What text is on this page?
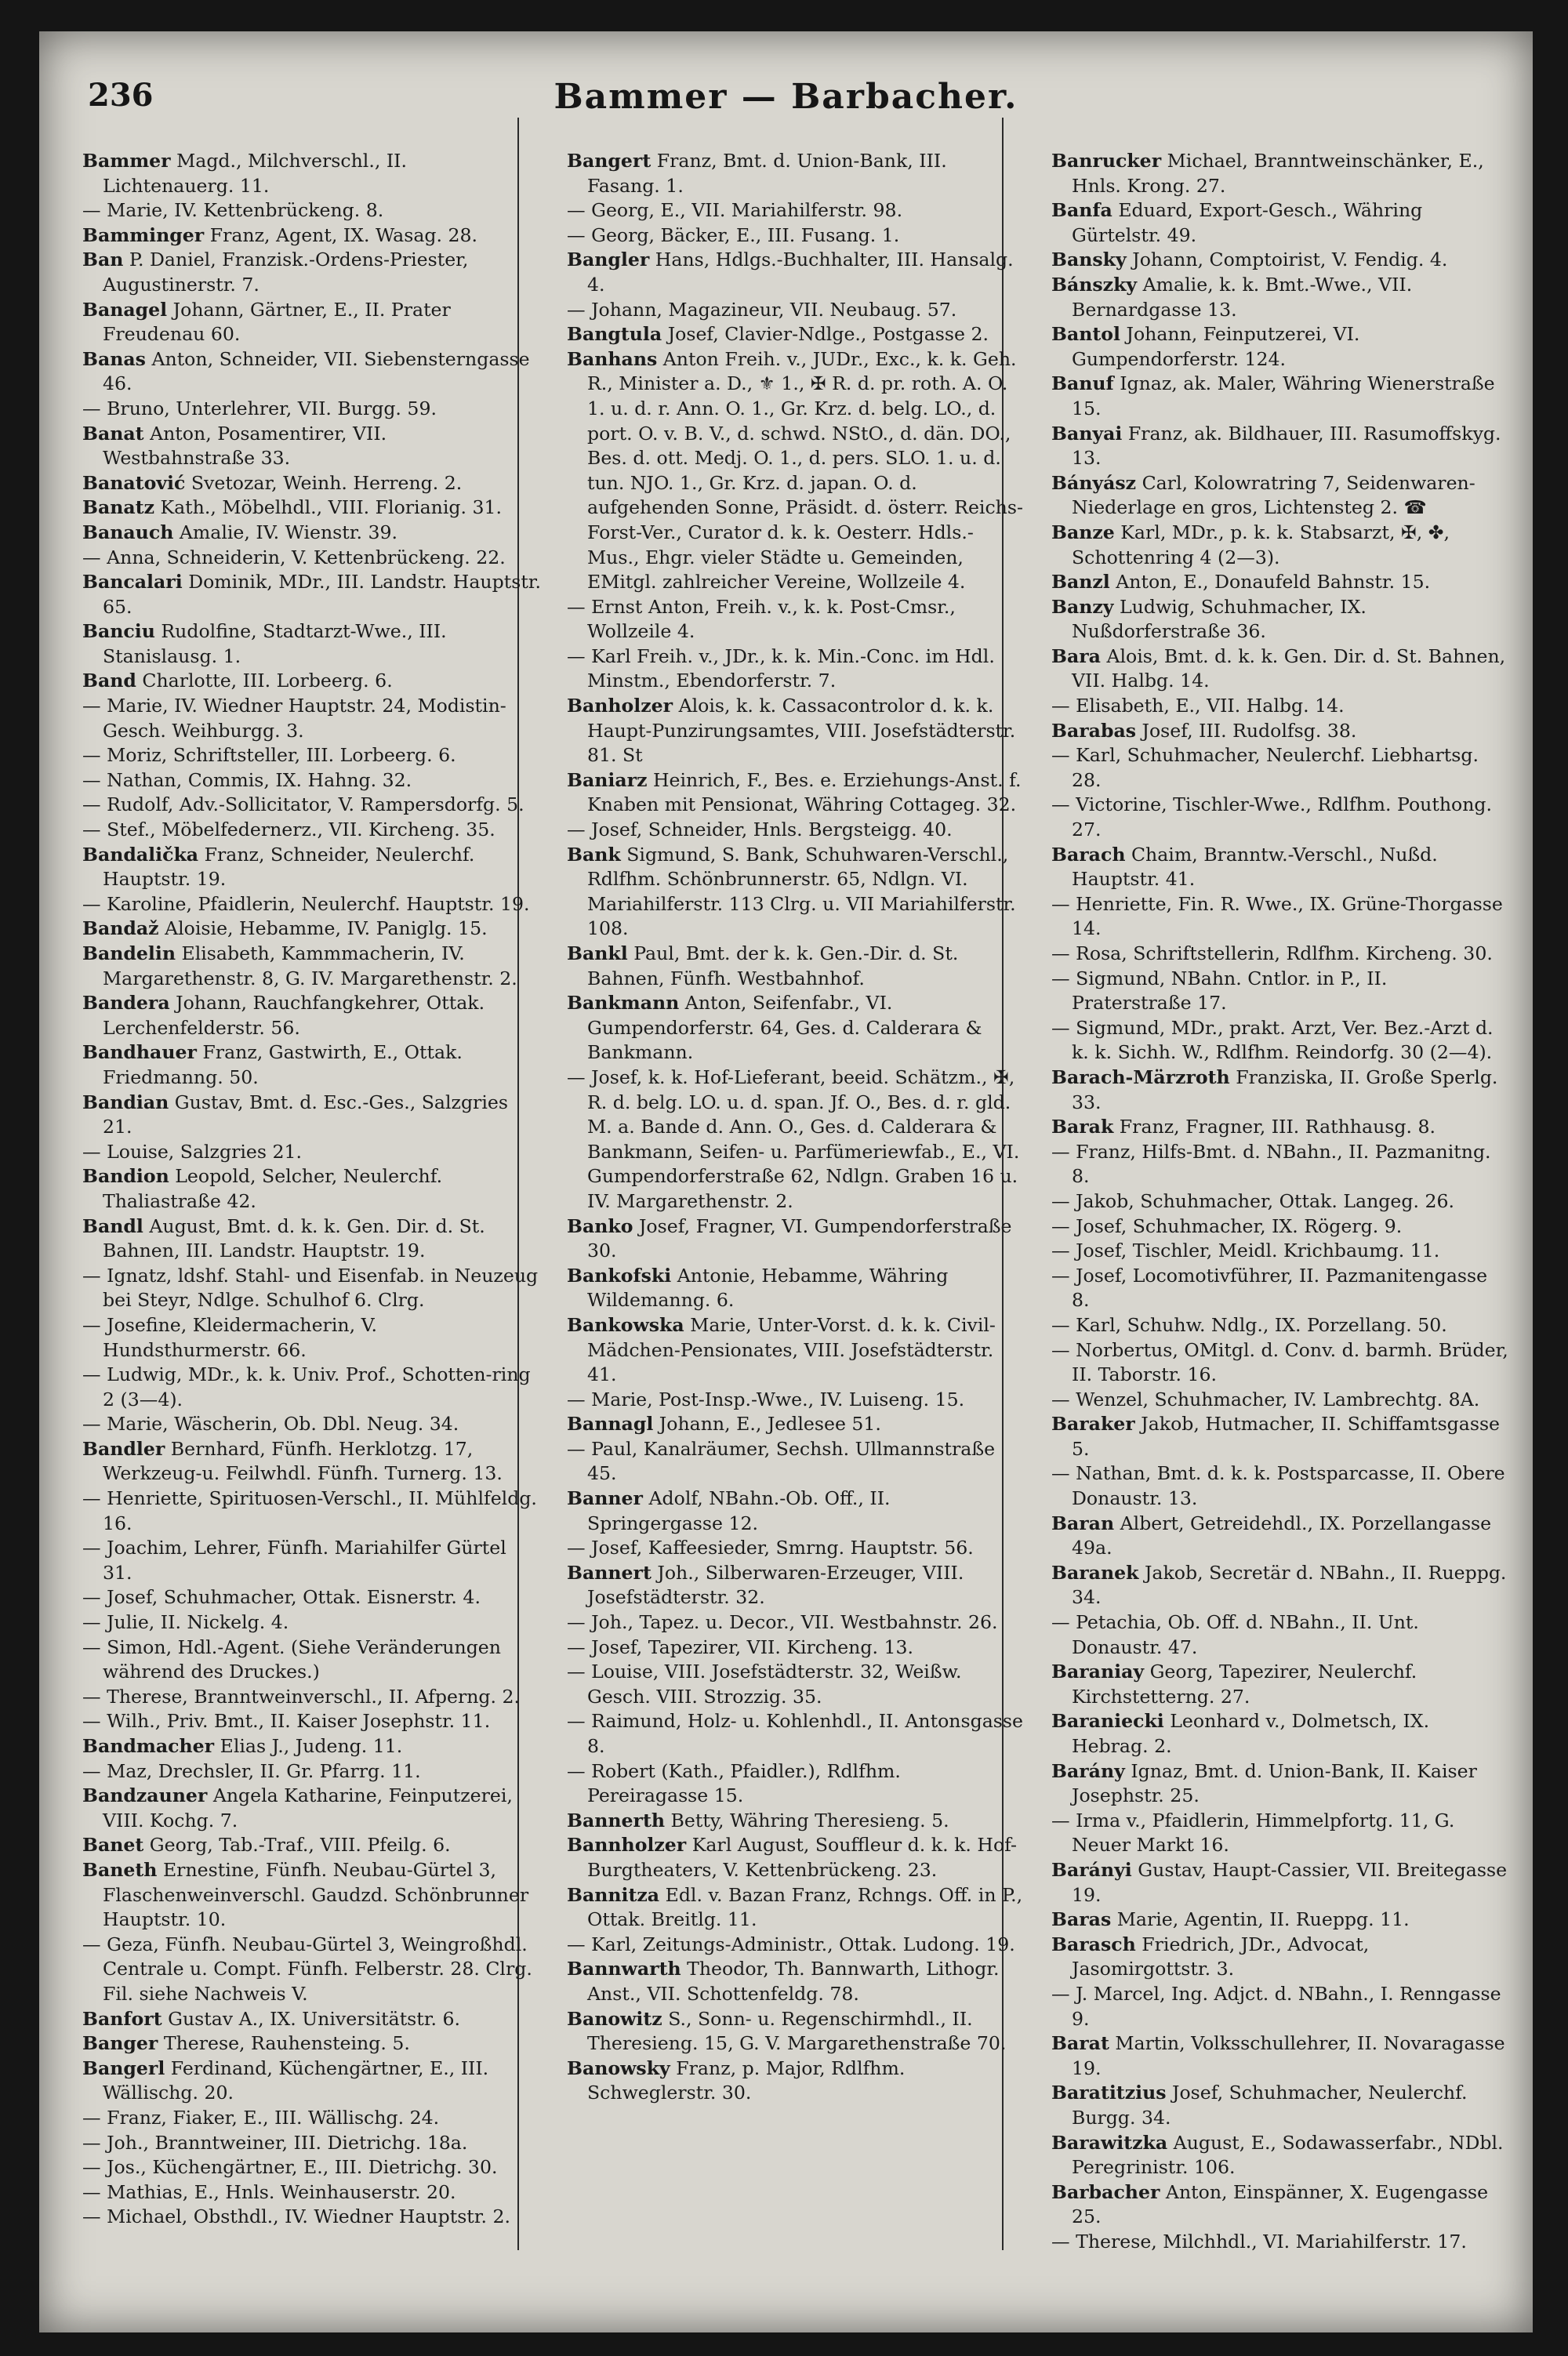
236	Bammer — Barbacher.

Bammer Magd., Milchverschl., II. Lichtenauerg. 11.

— Marie, IV. Kettenbrückeng. 8.

Bamminger Franz, Agent, IX. Wasag. 28.

Ban P. Daniel, Franzisk.-Ordens-Priester, Augustinerstr. 7.

Banagel Johann, Gärtner, E., II. Prater Freudenau 60.

Banas Anton, Schneider, VII. Siebensterngasse 46.

— Bruno, Unterlehrer, VII. Burgg. 59.

Banat Anton, Posamentirer, VII. Westbahnstraße 33.

Banatović Svetozar, Weinh. Herreng. 2.

Banatz Kath., Möbelhdl., VIII. Florianig. 31.

Banauch Amalie, IV. Wienstr. 39.

— Anna, Schneiderin, V. Kettenbrückeng. 22.

Bancalari Dominik, MDr., III. Landstr. Hauptstr. 65.

Banciu Rudolfine, Stadtarzt-Wwe., III. Stanislausg. 1.

Band Charlotte, III. Lorbeerg. 6.

— Marie, IV. Wiedner Hauptstr. 24, Modistin-Gesch. Weihburgg. 3.

— Moriz, Schriftsteller, III. Lorbeerg. 6.

— Nathan, Commis, IX. Hahng. 32.

— Rudolf, Adv.-Sollicitator, V. Rampersdorfg. 5.

— Stef., Möbelfedernerz., VII. Kircheng. 35.

Bandalička Franz, Schneider, Neulerchf. Hauptstr. 19.

— Karoline, Pfaidlerin, Neulerchf. Hauptstr. 19.

Bandaž Aloisie, Hebamme, IV. Paniglg. 15.

Bandelin Elisabeth, Kammmacherin, IV. Margarethenstr. 8, G. IV. Margarethenstr. 2.

Bandera Johann, Rauchfangkehrer, Ottak. Lerchenfelderstr. 56.

Bandhauer Franz, Gastwirth, E., Ottak. Friedmanng. 50.

Bandian Gustav, Bmt. d. Esc.-Ges., Salzgries 21.

— Louise, Salzgries 21.

Bandion Leopold, Selcher, Neulerchf. Thaliastraße 42.

Bandl August, Bmt. d. k. k. Gen. Dir. d. St. Bahnen, III. Landstr. Hauptstr. 19.

— Ignatz, ldshf. Stahl- und Eisenfab. in Neuzeug bei Steyr, Ndlge. Schulhof 6. Clrg.

— Josefine, Kleidermacherin, V. Hundsthurmerstr. 66.

— Ludwig, MDr., k. k. Univ. Prof., Schotten-ring 2 (3—4).

— Marie, Wäscherin, Ob. Dbl. Neug. 34.

Bandler Bernhard, Fünfh. Herklotzg. 17, Werkzeug-u. Feilwhdl. Fünfh. Turnerg. 13.

— Henriette, Spirituosen-Verschl., II. Mühlfeldg. 16.

— Joachim, Lehrer, Fünfh. Mariahilfer Gürtel 31.

— Josef, Schuhmacher, Ottak. Eisnerstr. 4.

— Julie, II. Nickelg. 4.

— Simon, Hdl.-Agent. (Siehe Veränderungen während des Druckes.)

— Therese, Branntweinverschl., II. Afperng. 2.

— Wilh., Priv. Bmt., II. Kaiser Josephstr. 11.

Bandmacher Elias J., Judeng. 11.

— Maz, Drechsler, II. Gr. Pfarrg. 11.

Bandzauner Angela Katharine, Feinputzerei, VIII. Kochg. 7.

Banet Georg, Tab.-Traf., VIII. Pfeilg. 6.

Baneth Ernestine, Fünfh. Neubau-Gürtel 3, Flaschenweinverschl. Gaudzd. Schönbrunner Hauptstr. 10.

— Geza, Fünfh. Neubau-Gürtel 3, Weingroßhdl. Centrale u. Compt. Fünfh. Felberstr. 28. Clrg. Fil. siehe Nachweis V.

Banfort Gustav A., IX. Universitätstr. 6.

Banger Therese, Rauhensteing. 5.

Bangerl Ferdinand, Küchengärtner, E., III. Wällischg. 20.

— Franz, Fiaker, E., III. Wällischg. 24.

— Joh., Branntweiner, III. Dietrichg. 18a.

— Jos., Küchengärtner, E., III. Dietrichg. 30.

— Mathias, E., Hnls. Weinhauserstr. 20.

— Michael, Obsthdl., IV. Wiedner Hauptstr. 2.

Bangert Franz, Bmt. d. Union-Bank, III. Fasang. 1.

— Georg, E., VII. Mariahilferstr. 98.

— Georg, Bäcker, E., III. Fusang. 1.

Bangler Hans, Hdlgs.-Buchhalter, III. Hansalg. 4.

— Johann, Magazineur, VII. Neubaug. 57.

Bangtula Josef, Clavier-Ndlge., Postgasse 2.

Banhans Anton Freih. v., JUDr., Exc., k. k. Geh. R., Minister a. D., ⚜ 1., ✠ R. d. pr. roth. A. O. 1. u. d. r. Ann. O. 1., Gr. Krz. d. belg. LO., d. port. O. v. B. V., d. schwd. NStO., d. dän. DO., Bes. d. ott. Medj. O. 1., d. pers. SLO. 1. u. d. tun. NJO. 1., Gr. Krz. d. japan. O. d. aufgehenden Sonne, Präsidt. d. österr. Reichs-Forst-Ver., Curator d. k. k. Oesterr. Hdls.-Mus., Ehgr. vieler Städte u. Gemeinden, EMitgl. zahlreicher Vereine, Wollzeile 4.

— Ernst Anton, Freih. v., k. k. Post-Cmsr., Wollzeile 4.

— Karl Freih. v., JDr., k. k. Min.-Conc. im Hdl. Minstm., Ebendorferstr. 7.

Banholzer Alois, k. k. Cassacontrolor d. k. k. Haupt-Punzirungsamtes, VIII. Josefstädterstr. 81. St

Baniarz Heinrich, F., Bes. e. Erziehungs-Anst. f. Knaben mit Pensionat, Währing Cottageg. 32.

— Josef, Schneider, Hnls. Bergsteigg. 40.

Bank Sigmund, S. Bank, Schuhwaren-Verschl., Rdlfhm. Schönbrunnerstr. 65, Ndlgn. VI. Mariahilferstr. 113 Clrg. u. VII Mariahilferstr. 108.

Bankl Paul, Bmt. der k. k. Gen.-Dir. d. St. Bahnen, Fünfh. Westbahnhof.

Bankmann Anton, Seifenfabr., VI. Gumpendorferstr. 64, Ges. d. Calderara & Bankmann.

— Josef, k. k. Hof-Lieferant, beeid. Schätzm., ✠, R. d. belg. LO. u. d. span. Jf. O., Bes. d. r. gld. M. a. Bande d. Ann. O., Ges. d. Calderara & Bankmann, Seifen- u. Parfümeriewfab., E., VI. Gumpendorferstraße 62, Ndlgn. Graben 16 u. IV. Margarethenstr. 2.

Banko Josef, Fragner, VI. Gumpendorferstraße 30.

Bankofski Antonie, Hebamme, Währing Wildemanng. 6.

Bankowska Marie, Unter-Vorst. d. k. k. Civil-Mädchen-Pensionates, VIII. Josefstädterstr. 41.

— Marie, Post-Insp.-Wwe., IV. Luiseng. 15.

Bannagl Johann, E., Jedlesee 51.

— Paul, Kanalräumer, Sechsh. Ullmannstraße 45.

Banner Adolf, NBahn.-Ob. Off., II. Springergasse 12.

— Josef, Kaffeesieder, Smrng. Hauptstr. 56.

Bannert Joh., Silberwaren-Erzeuger, VIII. Josefstädterstr. 32.

— Joh., Tapez. u. Decor., VII. Westbahnstr. 26.

— Josef, Tapezirer, VII. Kircheng. 13.

— Louise, VIII. Josefstädterstr. 32, Weißw. Gesch. VIII. Strozzig. 35.

— Raimund, Holz- u. Kohlenhdl., II. Antonsgasse 8.

— Robert (Kath., Pfaidler.), Rdlfhm. Pereiragasse 15.

Bannerth Betty, Währing Theresieng. 5.

Bannholzer Karl August, Souffleur d. k. k. Hof-Burgtheaters, V. Kettenbrückeng. 23.

Bannitza Edl. v. Bazan Franz, Rchngs. Off. in P., Ottak. Breitlg. 11.

— Karl, Zeitungs-Administr., Ottak. Ludong. 19.

Bannwarth Theodor, Th. Bannwarth, Lithogr. Anst., VII. Schottenfeldg. 78.

Banowitz S., Sonn- u. Regenschirmhdl., II. Theresieng. 15, G. V. Margarethenstraße 70.

Banowsky Franz, p. Major, Rdlfhm. Schweglerstr. 30.

Banrucker Michael, Branntweinschänker, E., Hnls. Krong. 27.

Banfa Eduard, Export-Gesch., Währing Gürtelstr. 49.

Bansky Johann, Comptoirist, V. Fendig. 4.

Bánszky Amalie, k. k. Bmt.-Wwe., VII. Bernardgasse 13.

Bantol Johann, Feinputzerei, VI. Gumpendorferstr. 124.

Banuf Ignaz, ak. Maler, Währing Wienerstraße 15.

Banyai Franz, ak. Bildhauer, III. Rasumoffskyg. 13.

Bányász Carl, Kolowratring 7, Seidenwaren-Niederlage en gros, Lichtensteg 2. ☎

Banze Karl, MDr., p. k. k. Stabsarzt, ✠, ✤, Schottenring 4 (2—3).

Banzl Anton, E., Donaufeld Bahnstr. 15.

Banzy Ludwig, Schuhmacher, IX. Nußdorferstraße 36.

Bara Alois, Bmt. d. k. k. Gen. Dir. d. St. Bahnen, VII. Halbg. 14.

— Elisabeth, E., VII. Halbg. 14.

Barabas Josef, III. Rudolfsg. 38.

— Karl, Schuhmacher, Neulerchf. Liebhartsg. 28.

— Victorine, Tischler-Wwe., Rdlfhm. Pouthong. 27.

Barach Chaim, Branntw.-Verschl., Nußd. Hauptstr. 41.

— Henriette, Fin. R. Wwe., IX. Grüne-Thorgasse 14.

— Rosa, Schriftstellerin, Rdlfhm. Kircheng. 30.

— Sigmund, NBahn. Cntlor. in P., II. Praterstraße 17.

— Sigmund, MDr., prakt. Arzt, Ver. Bez.-Arzt d. k. k. Sichh. W., Rdlfhm. Reindorfg. 30 (2—4).

Barach-Märzroth Franziska, II. Große Sperlg. 33.

Barak Franz, Fragner, III. Rathhausg. 8.

— Franz, Hilfs-Bmt. d. NBahn., II. Pazmanitng. 8.

— Jakob, Schuhmacher, Ottak. Langeg. 26.

— Josef, Schuhmacher, IX. Rögerg. 9.

— Josef, Tischler, Meidl. Krichbaumg. 11.

— Josef, Locomotivführer, II. Pazmanitengasse 8.

— Karl, Schuhw. Ndlg., IX. Porzellang. 50.

— Norbertus, OMitgl. d. Conv. d. barmh. Brüder, II. Taborstr. 16.

— Wenzel, Schuhmacher, IV. Lambrechtg. 8A.

Baraker Jakob, Hutmacher, II. Schiffamtsgasse 5.

— Nathan, Bmt. d. k. k. Postsparcasse, II. Obere Donaustr. 13.

Baran Albert, Getreidehdl., IX. Porzellangasse 49a.

Baranek Jakob, Secretär d. NBahn., II. Rueppg. 34.

— Petachia, Ob. Off. d. NBahn., II. Unt. Donaustr. 47.

Baraniay Georg, Tapezirer, Neulerchf. Kirchstetterng. 27.

Baraniecki Leonhard v., Dolmetsch, IX. Hebrag. 2.

Barány Ignaz, Bmt. d. Union-Bank, II. Kaiser Josephstr. 25.

— Irma v., Pfaidlerin, Himmelpfortg. 11, G. Neuer Markt 16.

Barányi Gustav, Haupt-Cassier, VII. Breitegasse 19.

Baras Marie, Agentin, II. Rueppg. 11.

Barasch Friedrich, JDr., Advocat, Jasomirgottstr. 3.

— J. Marcel, Ing. Adjct. d. NBahn., I. Renngasse 9.

Barat Martin, Volksschullehrer, II. Novaragasse 19.

Baratitzius Josef, Schuhmacher, Neulerchf. Burgg. 34.

Barawitzka August, E., Sodawasserfabr., NDbl. Peregrinistr. 106.

Barbacher Anton, Einspänner, X. Eugengasse 25.

— Therese, Milchhdl., VI. Mariahilferstr. 17.
